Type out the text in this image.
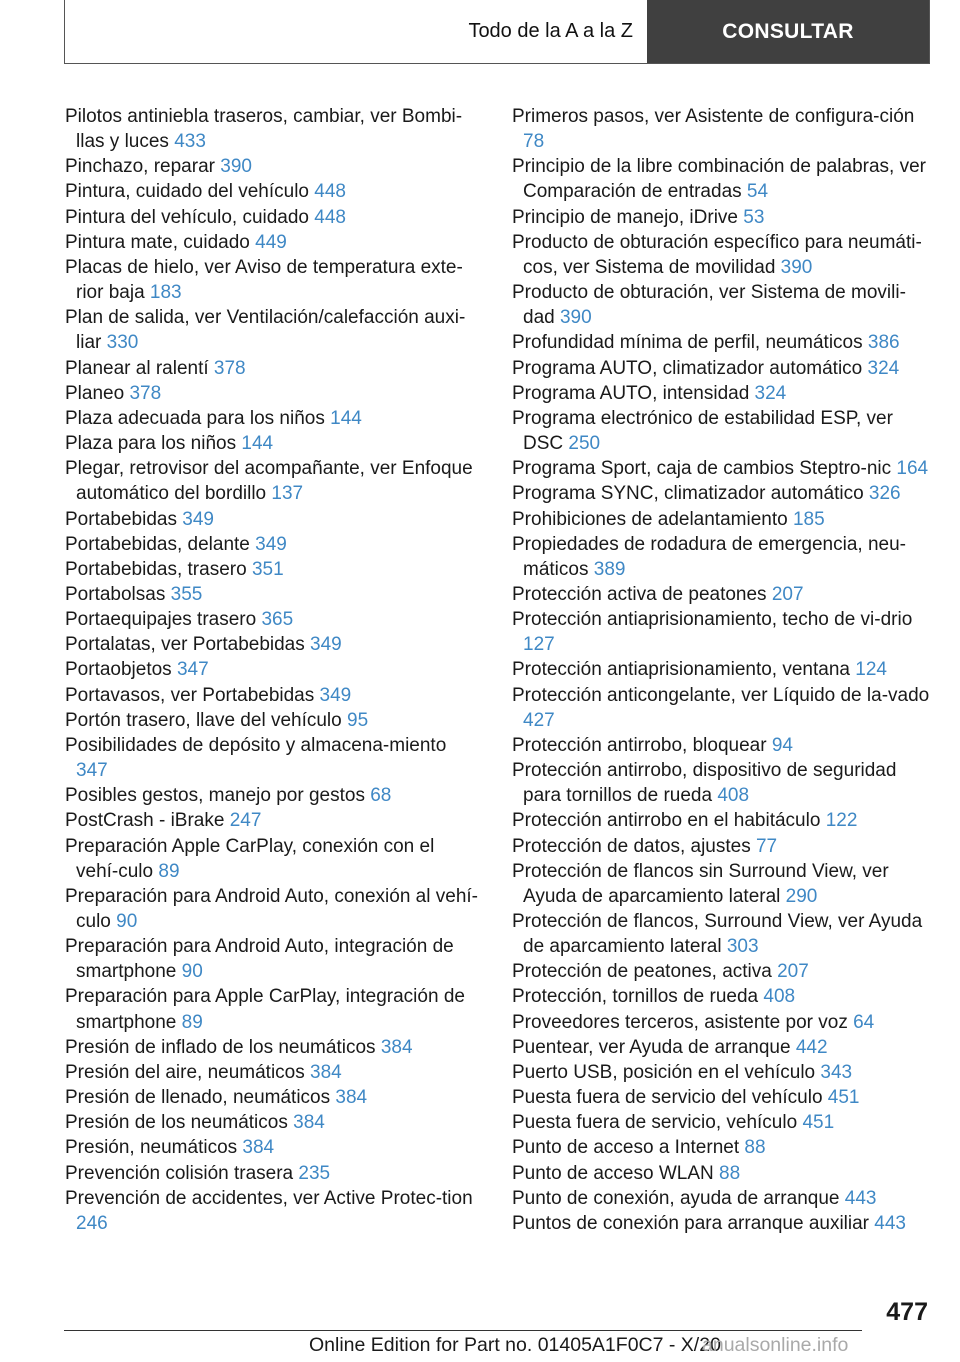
Todo de la A a la Z	CONSULTAR

Pilotos antiniebla traseros, cambiar, ver Bombi‐llas y luces 433

Pinchazo, reparar 390

Pintura, cuidado del vehículo 448

Pintura del vehículo, cuidado 448

Pintura mate, cuidado 449

Placas de hielo, ver Aviso de temperatura exte‐rior baja 183

Plan de salida, ver Ventilación/calefacción auxi‐liar 330

Planear al ralentí 378

Planeo 378

Plaza adecuada para los niños 144

Plaza para los niños 144

Plegar, retrovisor del acompañante, ver Enfoque automático del bordillo 137

Portabebidas 349

Portabebidas, delante 349

Portabebidas, trasero 351

Portabolsas 355

Portaequipajes trasero 365

Portalatas, ver Portabebidas 349

Portaobjetos 347

Portavasos, ver Portabebidas 349

Portón trasero, llave del vehículo 95

Posibilidades de depósito y almacena‐miento 347

Posibles gestos, manejo por gestos 68

PostCrash - iBrake 247

Preparación Apple CarPlay, conexión con el vehí‐culo 89

Preparación para Android Auto, conexión al vehí‐culo 90

Preparación para Android Auto, integración de smartphone 90

Preparación para Apple CarPlay, integración de smartphone 89

Presión de inflado de los neumáticos 384

Presión del aire, neumáticos 384

Presión de llenado, neumáticos 384

Presión de los neumáticos 384

Presión, neumáticos 384

Prevención colisión trasera 235

Prevención de accidentes, ver Active Protec‐tion 246

Primeros pasos, ver Asistente de configura‐ción 78

Principio de la libre combinación de palabras, ver Comparación de entradas 54

Principio de manejo, iDrive 53

Producto de obturación específico para neumáti‐cos, ver Sistema de movilidad 390

Producto de obturación, ver Sistema de movili‐dad 390

Profundidad mínima de perfil, neumáticos 386

Programa AUTO, climatizador automático 324

Programa AUTO, intensidad 324

Programa electrónico de estabilidad ESP, ver DSC 250

Programa Sport, caja de cambios Steptro‐nic 164

Programa SYNC, climatizador automático 326

Prohibiciones de adelantamiento 185

Propiedades de rodadura de emergencia, neu‐máticos 389

Protección activa de peatones 207

Protección antiaprisionamiento, techo de vi‐drio 127

Protección antiaprisionamiento, ventana 124

Protección anticongelante, ver Líquido de la‐vado 427

Protección antirrobo, bloquear 94

Protección antirrobo, dispositivo de seguridad para tornillos de rueda 408

Protección antirrobo en el habitáculo 122

Protección de datos, ajustes 77

Protección de flancos sin Surround View, ver Ayuda de aparcamiento lateral 290

Protección de flancos, Surround View, ver Ayuda de aparcamiento lateral 303

Protección de peatones, activa 207

Protección, tornillos de rueda 408

Proveedores terceros, asistente por voz 64

Puentear, ver Ayuda de arranque 442

Puerto USB, posición en el vehículo 343

Puesta fuera de servicio del vehículo 451

Puesta fuera de servicio, vehículo 451

Punto de acceso a Internet 88

Punto de acceso WLAN 88

Punto de conexión, ayuda de arranque 443

Puntos de conexión para arranque auxiliar 443

477
Online Edition for Part no. 01405A1F0C7 - X/20
anualsonline.info
